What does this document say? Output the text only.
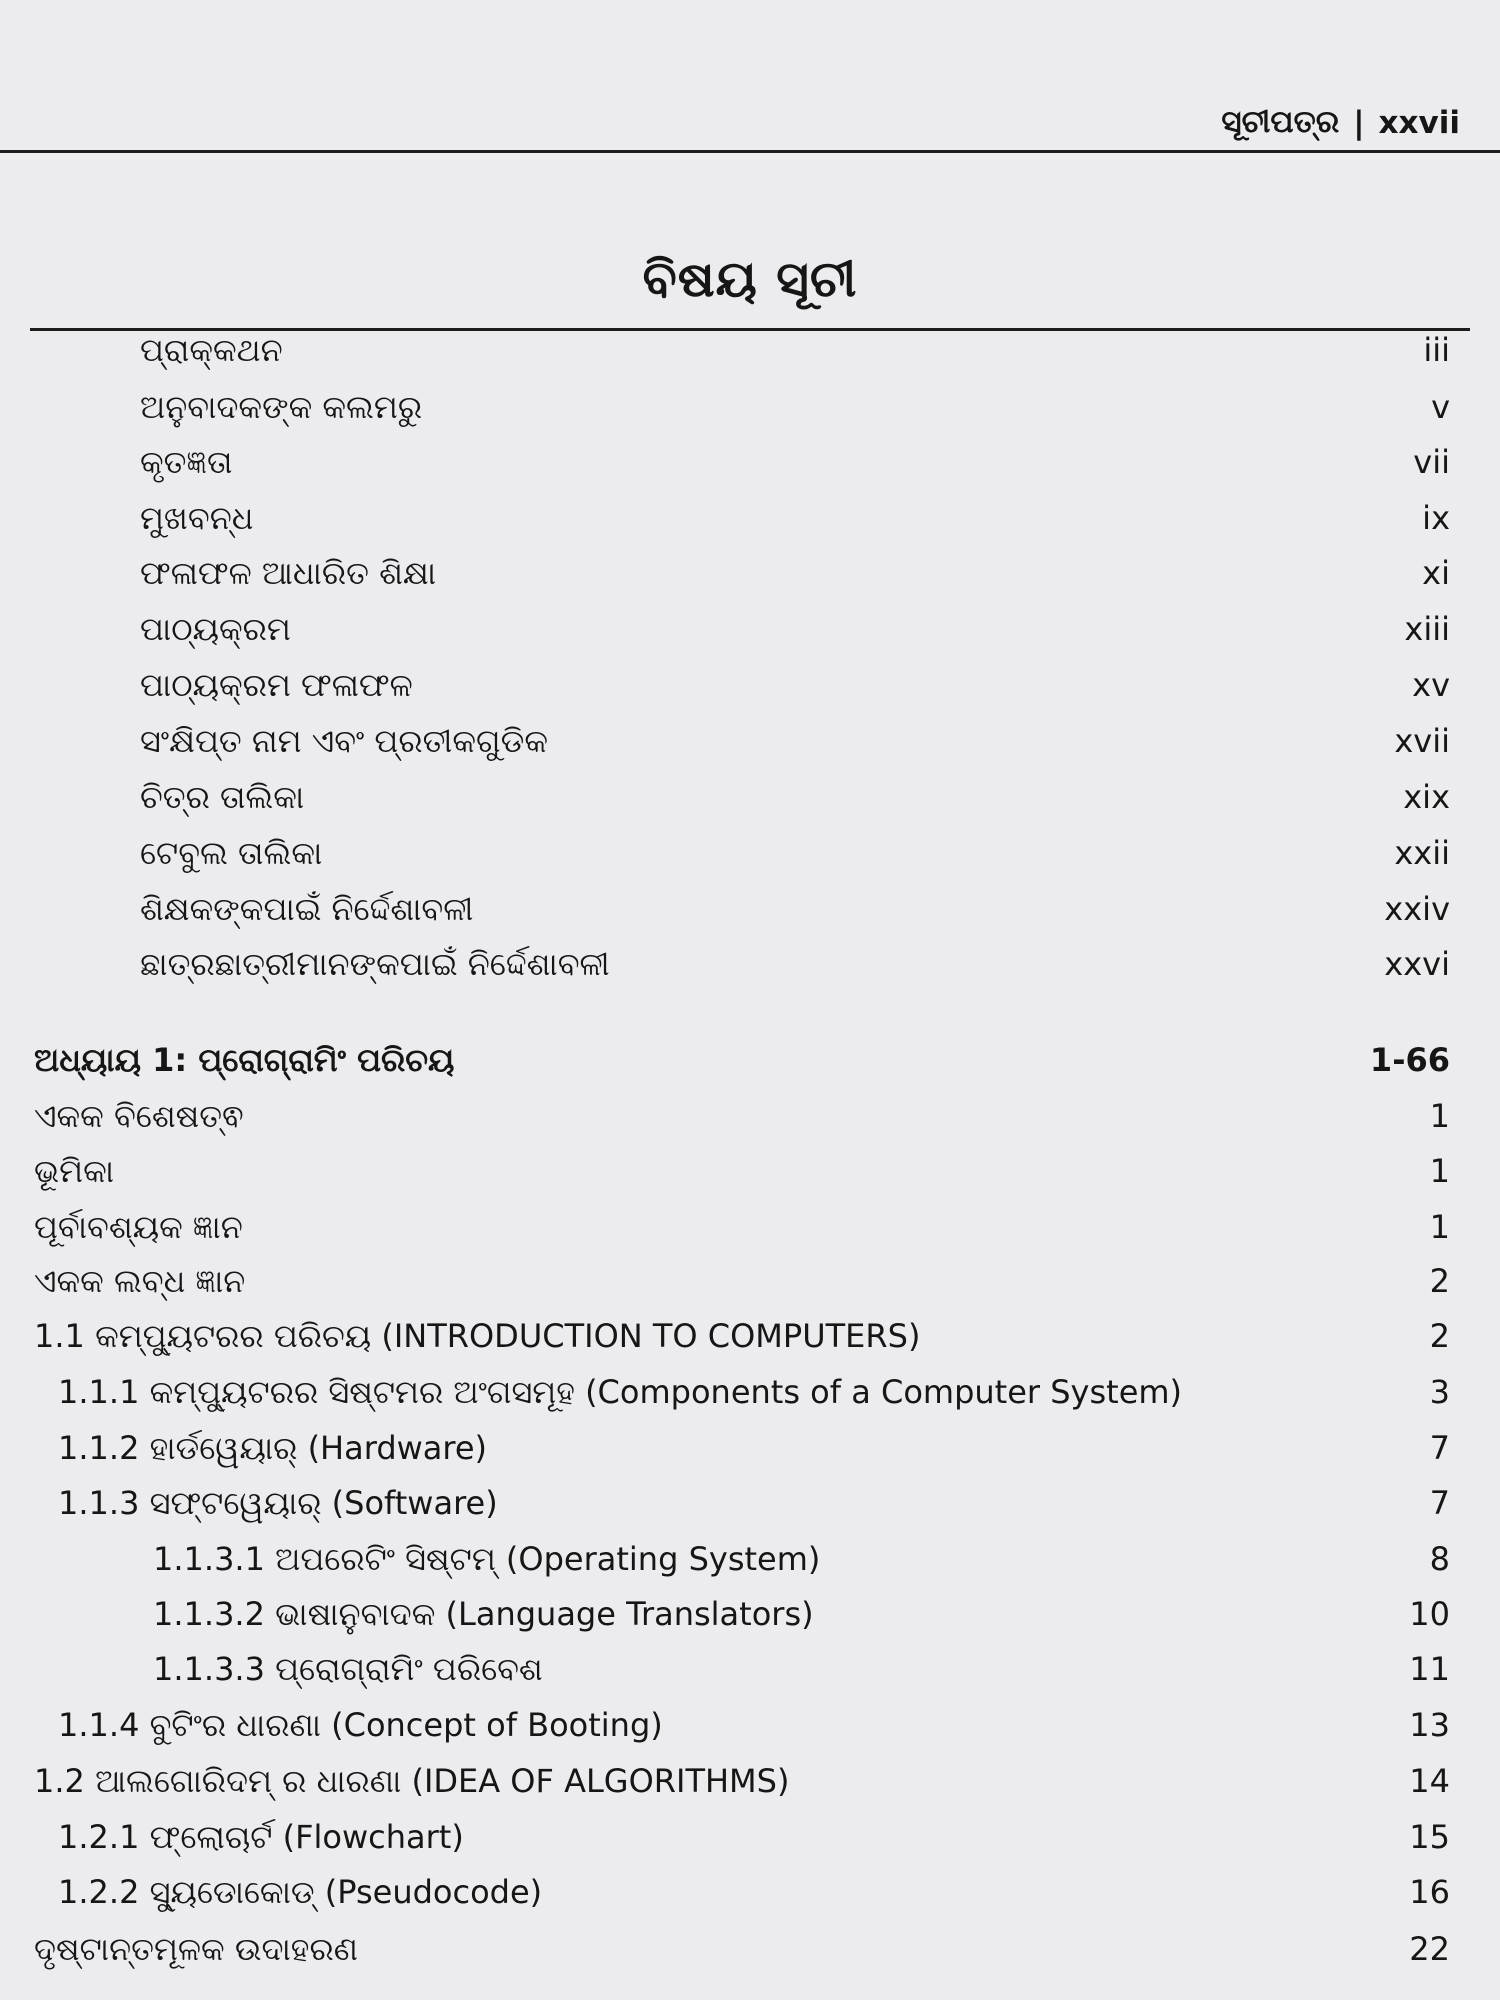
ସୂଚୀପତ୍ର | xxvii
ବିଷୟ ସୂଚୀ
ପ୍ରାକ୍‌କଥନ	iii
ଅନୁବାଦକଙ୍କ କଲମରୁ	v
କୃତଜ୍ଞତା	vii
ମୁଖବନ୍ଧ	ix
ଫଳାଫଳ ଆଧାରିତ ଶିକ୍ଷା	xi
ପାଠ୍ୟକ୍ରମ	xiii
ପାଠ୍ୟକ୍ରମ ଫଳାଫଳ	xv
ସଂକ୍ଷିପ୍ତ ନାମ ଏବଂ ପ୍ରତୀକଗୁଡିକ	xvii
ଚିତ୍ର ତାଲିକା	xix
ଟେବୁଲ ତାଲିକା	xxii
ଶିକ୍ଷକଙ୍କପାଇଁ ନିର୍ଦ୍ଦେଶାବଳୀ	xxiv
ଛାତ୍ରଛାତ୍ରୀମାନଙ୍କପାଇଁ ନିର୍ଦ୍ଦେଶାବଳୀ	xxvi
ଅଧ୍ୟାୟ 1: ପ୍ରୋଗ୍ରାମିଂ ପରିଚୟ	1-66
ଏକକ ବିଶେଷତ୍ଵ	1
ଭୂମିକା	1
ପୂର୍ବାବଶ୍ୟକ ଜ୍ଞାନ	1
ଏକକ ଲବ୍ଧ ଜ୍ଞାନ	2
1.1 କମ୍ପ୍ୟୁଟରର ପରିଚୟ (INTRODUCTION TO COMPUTERS)	2
1.1.1 କମ୍ପ୍ୟୁଟରର ସିଷ୍ଟମର ଅଂଗସମୂହ (Components of a Computer System)	3
1.1.2 ହାର୍ଡୱେୟାର୍ (Hardware)	7
1.1.3 ସଫ୍ଟୱେୟାର୍ (Software)	7
1.1.3.1 ଅପରେଟିଂ ସିଷ୍ଟମ୍ (Operating System)	8
1.1.3.2 ଭାଷାନୁବାଦକ (Language Translators)	10
1.1.3.3 ପ୍ରୋଗ୍ରାମିଂ ପରିବେଶ	11
1.1.4 ବୁଟିଂର ଧାରଣା (Concept of Booting)	13
1.2 ଆଲଗୋରିଦମ୍ ର ଧାରଣା (IDEA OF ALGORITHMS)	14
1.2.1 ଫ୍ଲୋଚାର୍ଟ (Flowchart)	15
1.2.2 ସ୍ୟୁଡୋକୋଡ୍ (Pseudocode)	16
ଦୃଷ୍ଟାନ୍ତମୂଳକ ଉଦାହରଣ	22
